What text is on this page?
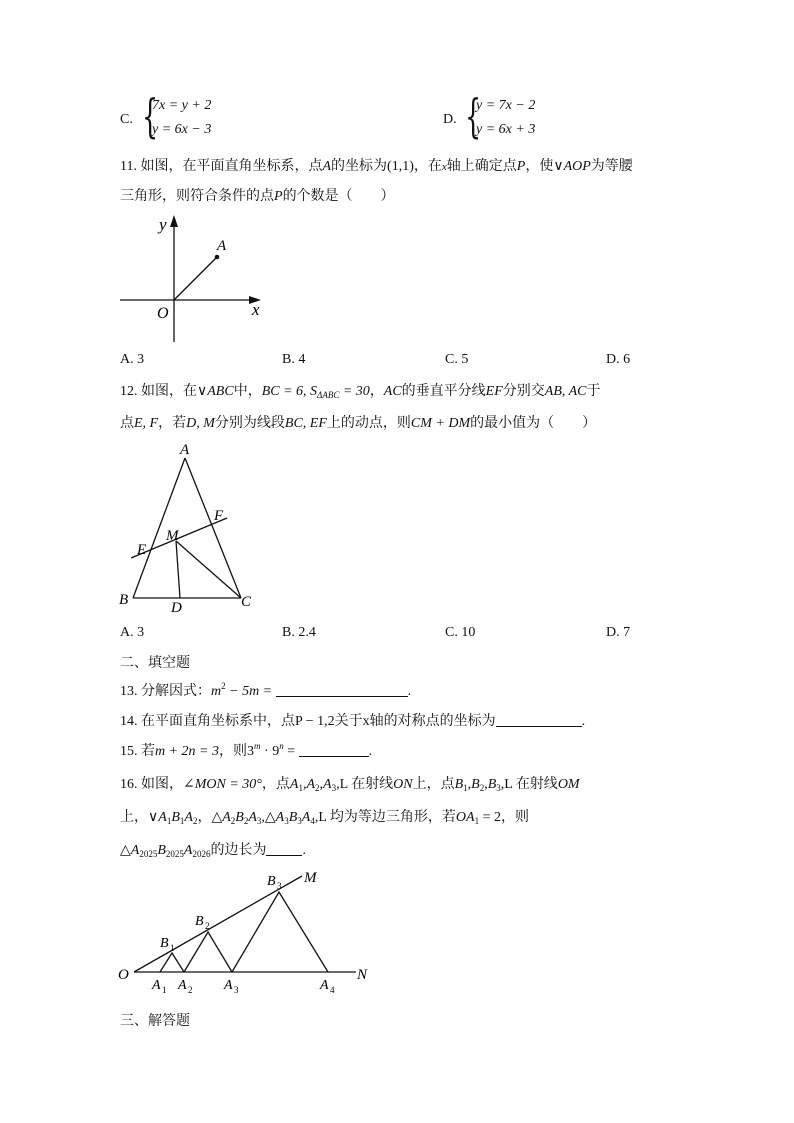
C. {
7x = y + 2
y = 6x − 3
D. {
y = 7x − 2
y = 6x + 3
11. 如图，在平面直角坐标系，点A的坐标为(1,1)，在x轴上确定点P，使∨AOP为等腰
三角形，则符合条件的点P的个数是（　　）
y
A
O	x
A. 3	B. 4	C. 5	D. 6
12. 如图，在∨ABC中，BC = 6, $S_{\Delta ABC} = 30$，AC的垂直平分线EF分别交AB, AC于
点E, F，若D, M分别为线段BC, EF上的动点，则CM + DM的最小值为（　　）
A
F
M
E
B	C
D
A. 3	B. 2.4	C. 10	D. 7
二、填空题
13. 分解因式：$m^2 - 5m$ =	.
14. 在平面直角坐标系中，点P − 1,2关于x轴的对称点的坐标为	.
15. 若m + 2n = 3，则$3^m \cdot 9^n$ =	.
16. 如图，∠MON = 30°，点$A_1,A_2,A_3,L$ 在射线ON上，点$B_1,B_2,B_3,L$ 在射线OM
上，$\vee A_1B_1A_2$，$\triangle A_2B_2A_3,\triangle A_3B_3A_4,L$ 均为等边三角形，若$OA_1 = 2$，则
$\triangle A_{2025}B_{2025}A_{2026}$的边长为	.
O	N
M
B 1
B 2
B 3
A 1 A 2 A 3	A 4
三、解答题
